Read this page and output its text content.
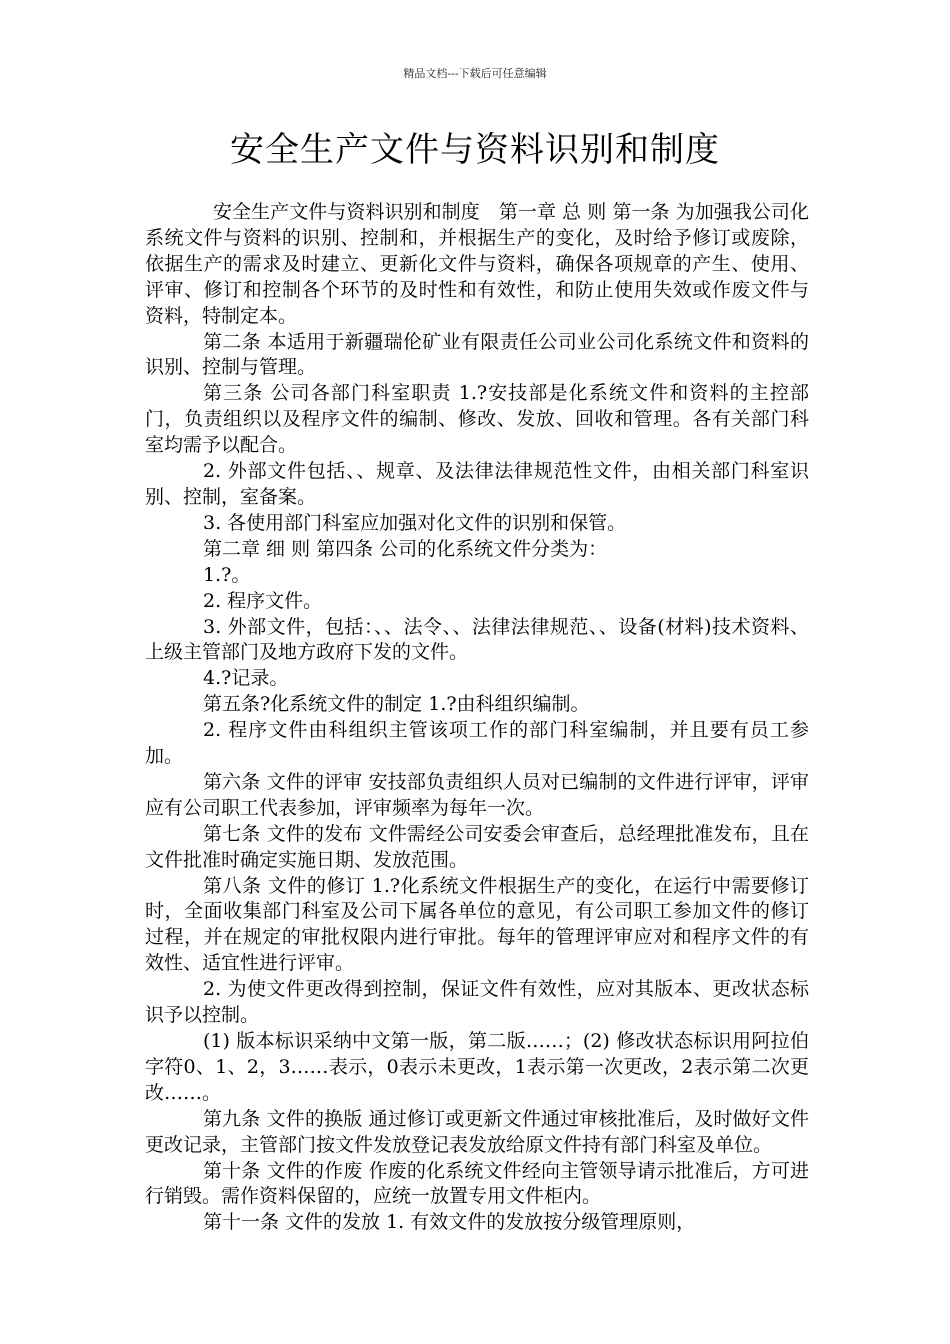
精品文档---下载后可任意编辑
安全生产文件与资料识别和制度

安全生产文件与资料识别和制度　第一章 总 则 第一条 为加强我公司化系统文件与资料的识别、控制和，并根据生产的变化，及时给予修订或废除，依据生产的需求及时建立、更新化文件与资料，确保各项规章的产生、使用、评审、修订和控制各个环节的及时性和有效性，和防止使用失效或作废文件与资料，特制定本。

第二条 本适用于新疆瑞伦矿业有限责任公司业公司化系统文件和资料的识别、控制与管理。

第三条 公司各部门科室职责 1.?安技部是化系统文件和资料的主控部门，负责组织以及程序文件的编制、修改、发放、回收和管理。各有关部门科室均需予以配合。

2. 外部文件包括、、规章、及法律法律规范性文件，由相关部门科室识别、控制，室备案。

3. 各使用部门科室应加强对化文件的识别和保管。

第二章 细 则 第四条 公司的化系统文件分类为：

1.?。

2. 程序文件。

3. 外部文件，包括：、、法令、、法律法律规范、、设备(材料)技术资料、上级主管部门及地方政府下发的文件。

4.?记录。

第五条?化系统文件的制定 1.?由科组织编制。

2. 程序文件由科组织主管该项工作的部门科室编制，并且要有员工参加。

第六条 文件的评审 安技部负责组织人员对已编制的文件进行评审，评审应有公司职工代表参加，评审频率为每年一次。

第七条 文件的发布 文件需经公司安委会审查后，总经理批准发布，且在文件批准时确定实施日期、发放范围。

第八条 文件的修订 1.?化系统文件根据生产的变化，在运行中需要修订时，全面收集部门科室及公司下属各单位的意见，有公司职工参加文件的修订过程，并在规定的审批权限内进行审批。每年的管理评审应对和程序文件的有效性、适宜性进行评审。

2. 为使文件更改得到控制，保证文件有效性，应对其版本、更改状态标识予以控制。

(1) 版本标识采纳中文第一版，第二版……；(2) 修改状态标识用阿拉伯字符0、1、2，3……表示，0表示未更改，1表示第一次更改，2表示第二次更改……。

第九条 文件的换版 通过修订或更新文件通过审核批准后，及时做好文件更改记录，主管部门按文件发放登记表发放给原文件持有部门科室及单位。

第十条 文件的作废 作废的化系统文件经向主管领导请示批准后，方可进行销毁。需作资料保留的，应统一放置专用文件柜内。

第十一条 文件的发放 1. 有效文件的发放按分级管理原则，
